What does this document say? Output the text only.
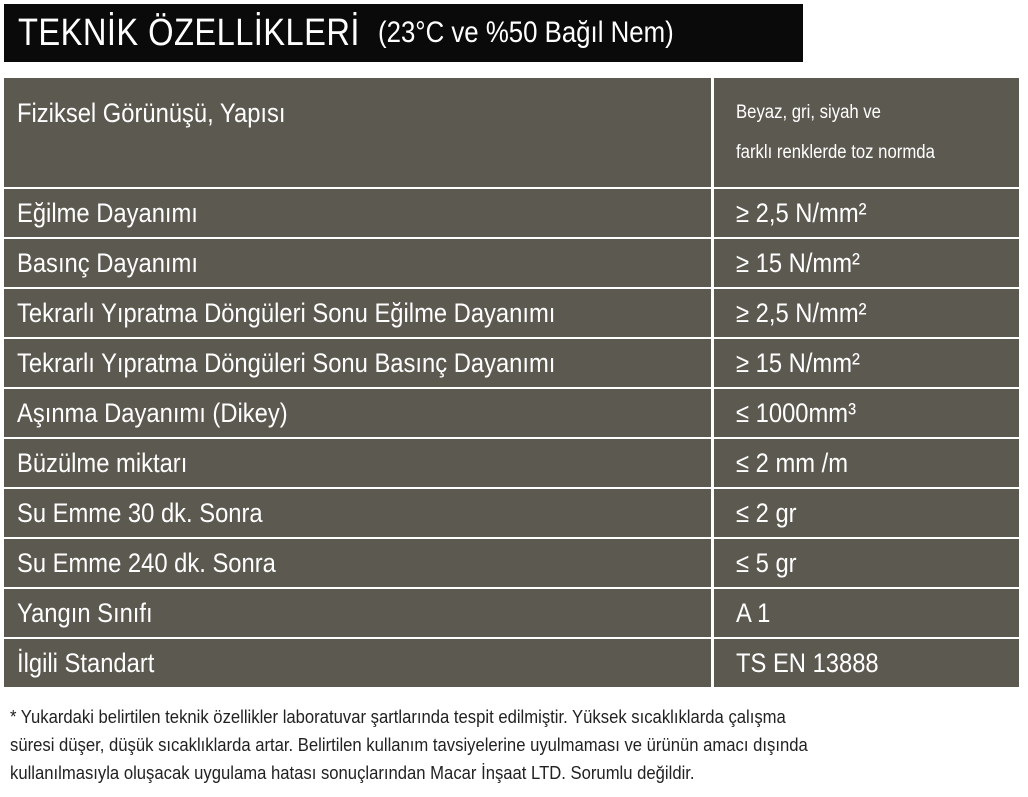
TEKNİK ÖZELLİKLERİ (23°C ve %50 Bağıl Nem)
Fiziksel Görünüşü, Yapısı	Beyaz, gri, siyah ve
farklı renklerde toz normda
Eğilme Dayanımı	≥ 2,5 N/mm²
Basınç Dayanımı	≥ 15 N/mm²
Tekrarlı Yıpratma Döngüleri Sonu Eğilme Dayanımı	≥ 2,5 N/mm²
Tekrarlı Yıpratma Döngüleri Sonu Basınç Dayanımı	≥ 15 N/mm²
Aşınma Dayanımı (Dikey)	≤ 1000mm³
Büzülme miktarı	≤ 2 mm /m
Su Emme 30 dk. Sonra	≤ 2 gr
Su Emme 240 dk. Sonra	≤ 5 gr
Yangın Sınıfı	A 1
İlgili Standart	TS EN 13888

* Yukardaki belirtilen teknik özellikler laboratuvar şartlarında tespit edilmiştir. Yüksek sıcaklıklarda çalışma

süresi düşer, düşük sıcaklıklarda artar. Belirtilen kullanım tavsiyelerine uyulmaması ve ürünün amacı dışında

kullanılmasıyla oluşacak uygulama hatası sonuçlarından Macar İnşaat LTD. Sorumlu değildir.
